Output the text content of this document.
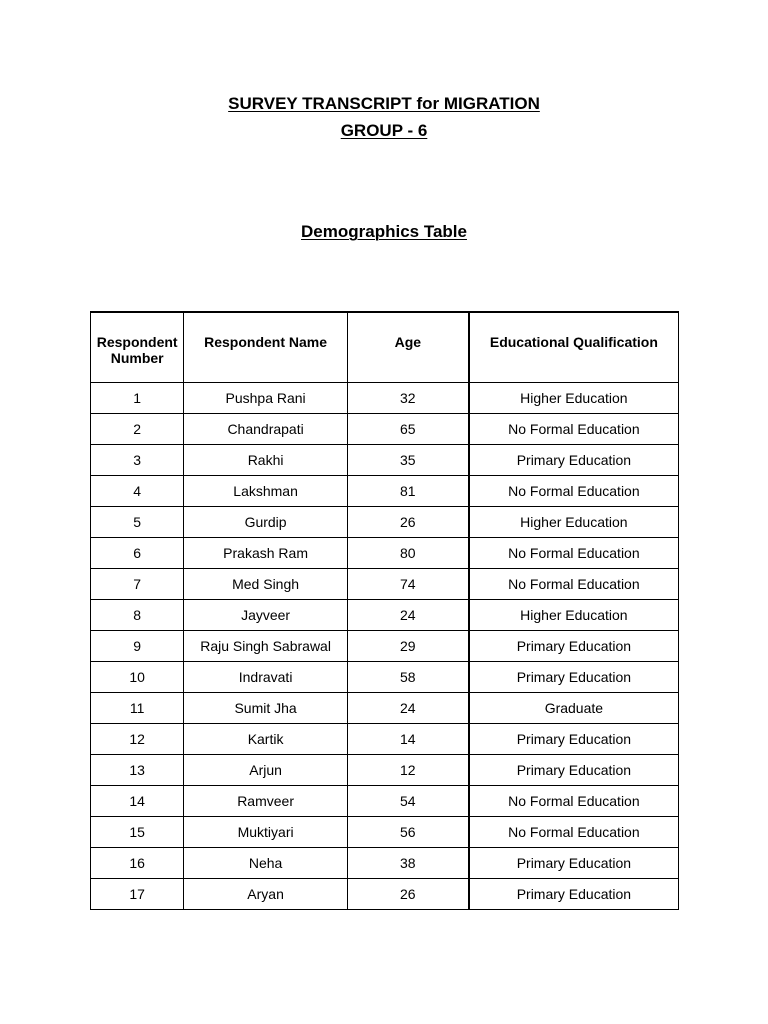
SURVEY TRANSCRIPT for MIGRATION
GROUP - 6
Demographics Table
Respondent
Number	Respondent Name	Age	Educational Qualification
1	Pushpa Rani	32	Higher Education
2	Chandrapati	65	No Formal Education
3	Rakhi	35	Primary Education
4	Lakshman	81	No Formal Education
5	Gurdip	26	Higher Education
6	Prakash Ram	80	No Formal Education
7	Med Singh	74	No Formal Education
8	Jayveer	24	Higher Education
9	Raju Singh Sabrawal	29	Primary Education
10	Indravati	58	Primary Education
11	Sumit Jha	24	Graduate
12	Kartik	14	Primary Education
13	Arjun	12	Primary Education
14	Ramveer	54	No Formal Education
15	Muktiyari	56	No Formal Education
16	Neha	38	Primary Education
17	Aryan	26	Primary Education
